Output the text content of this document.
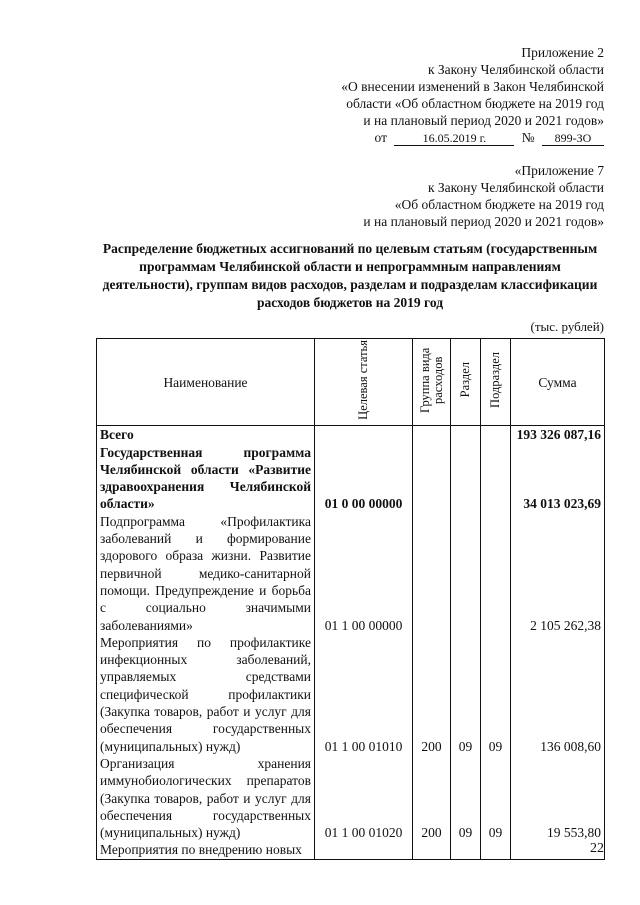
Приложение 2
к Закону Челябинской области
«О внесении изменений в Закон Челябинской
области «Об областном бюджете на 2019 год
и на плановый период 2020 и 2021 годов»
от	16.05.2019 г.	№ 899-ЗО
«Приложение 7
к Закону Челябинской области
«Об областном бюджете на 2019 год
и на плановый период 2020 и 2021 годов»
Распределение бюджетных ассигнований по целевым статьям (государственным программам Челябинской области и непрограммным направлениям деятельности), группам видов расходов, разделам и подразделам классификации расходов бюджетов на 2019 год
(тыс. рублей)
Наименование	Целевая статья	Группа вида расходов	Раздел	Подраздел	Сумма
Всего					193 326 087,16
Государственная программа Челябинской области «Развитие здравоохранения Челябинской области»	01 0 00 00000				34 013 023,69
Подпрограмма «Профилактика заболеваний и формирование здорового образа жизни. Развитие первичной медико-санитарной помощи. Предупреждение и борьба с социально значимыми заболеваниями»	01 1 00 00000				2 105 262,38
Мероприятия по профилактике инфекционных заболеваний, управляемых средствами специфической профилактики (Закупка товаров, работ и услуг для обеспечения государственных (муниципальных) нужд)	01 1 00 01010	200	09	09	136 008,60
Организация хранения иммунобиологических препаратов (Закупка товаров, работ и услуг для обеспечения государственных (муниципальных) нужд)	01 1 00 01020	200	09	09	19 553,80
Мероприятия по внедрению новых						22
